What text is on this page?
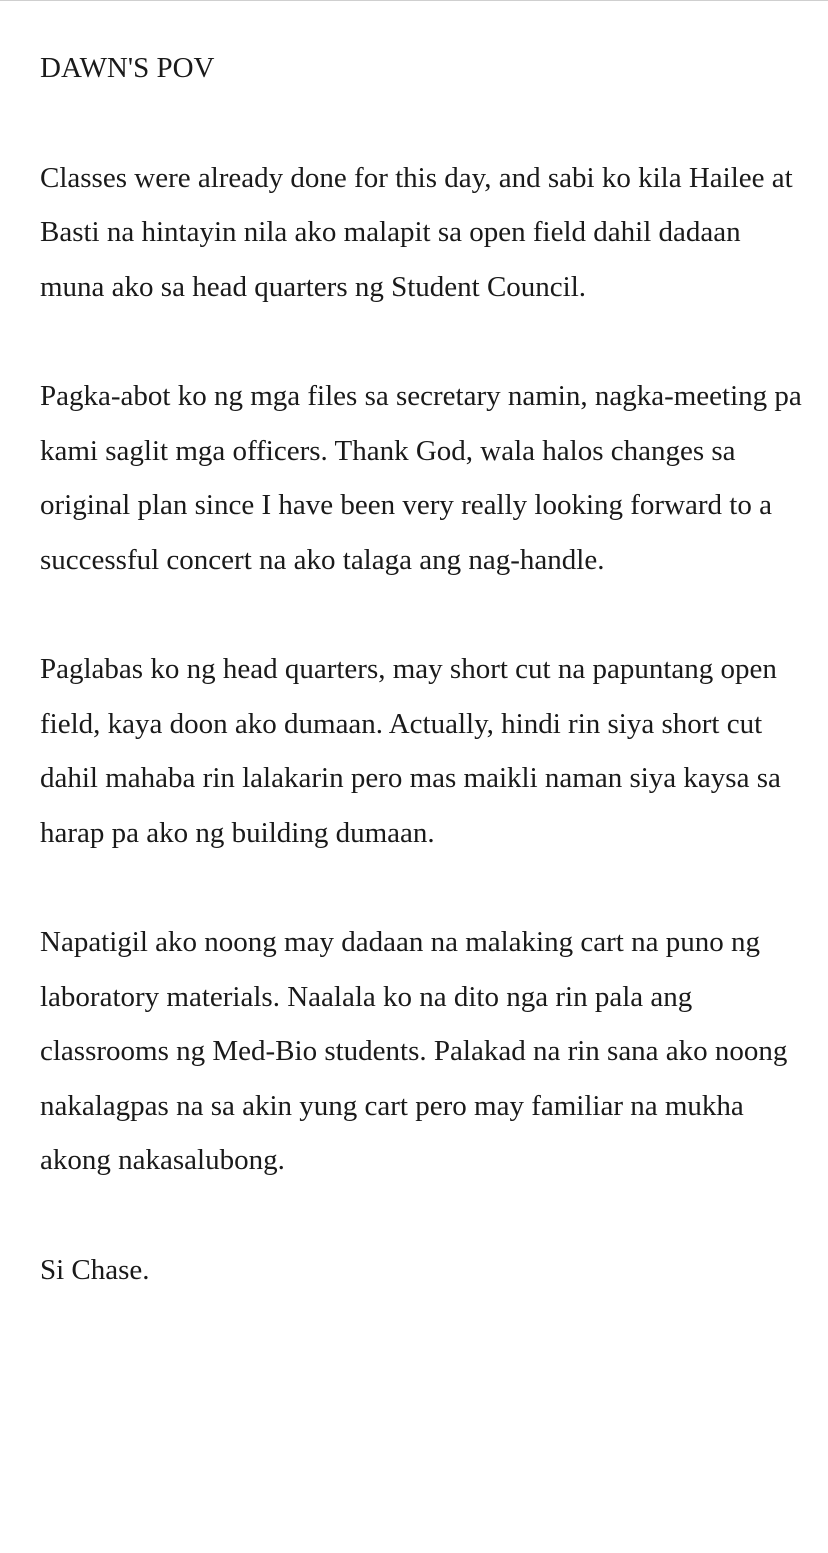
DAWN'S POV

Classes were already done for this day, and sabi ko kila Hailee at Basti na hintayin nila ako malapit sa open field dahil dadaan muna ako sa head quarters ng Student Council.

Pagka-abot ko ng mga files sa secretary namin, nagka-meeting pa kami saglit mga officers. Thank God, wala halos changes sa original plan since I have been very really looking forward to a successful concert na ako talaga ang nag-handle.

Paglabas ko ng head quarters, may short cut na papuntang open field, kaya doon ako dumaan. Actually, hindi rin siya short cut dahil mahaba rin lalakarin pero mas maikli naman siya kaysa sa harap pa ako ng building dumaan.

Napatigil ako noong may dadaan na malaking cart na puno ng laboratory materials. Naalala ko na dito nga rin pala ang classrooms ng Med-Bio students. Palakad na rin sana ako noong nakalagpas na sa akin yung cart pero may familiar na mukha akong nakasalubong.

Si Chase.
